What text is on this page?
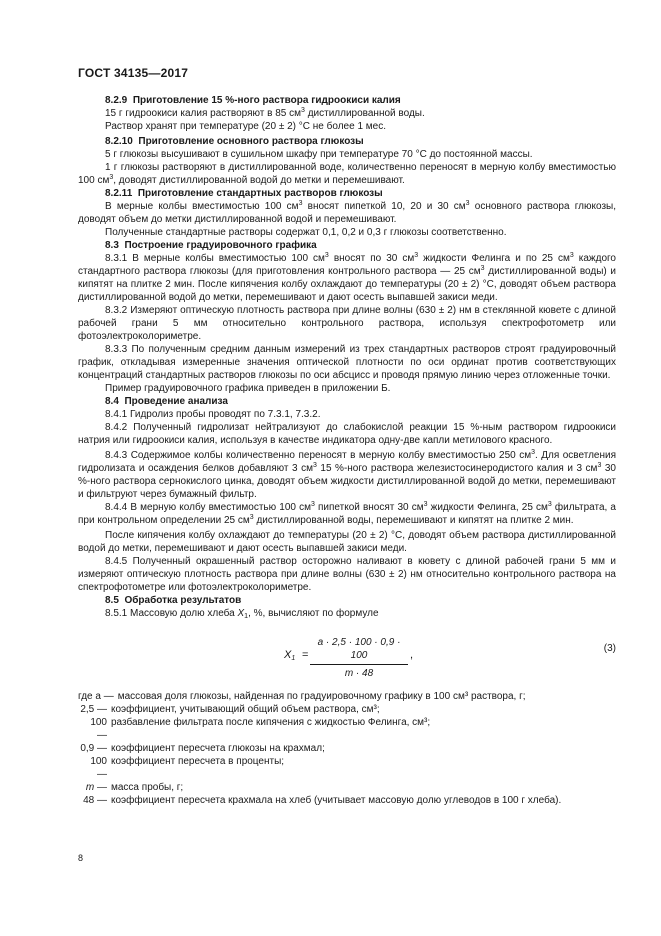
ГОСТ 34135—2017

8.2.9 Приготовление 15 %-ного раствора гидроокиси калия

15 г гидроокиси калия растворяют в 85 $см^3$ дистиллированной воды.

Раствор хранят при температуре (20 ± 2) °С не более 1 мес.

8.2.10 Приготовление основного раствора глюкозы

5 г глюкозы высушивают в сушильном шкафу при температуре 70 °С до постоянной массы.

1 г глюкозы растворяют в дистиллированной воде, количественно переносят в мерную колбу вместимостью 100 $см^3$, доводят дистиллированной водой до метки и перемешивают.

8.2.11 Приготовление стандартных растворов глюкозы

В мерные колбы вместимостью 100 $см^3$ вносят пипеткой 10, 20 и 30 $см^3$ основного раствора глюкозы, доводят объем до метки дистиллированной водой и перемешивают.

Полученные стандартные растворы содержат 0,1, 0,2 и 0,3 г глюкозы соответственно.

8.3 Построение градуировочного графика

8.3.1 В мерные колбы вместимостью 100 $см^3$ вносят по 30 $см^3$ жидкости Фелинга и по 25 $см^3$ каждого стандартного раствора глюкозы (для приготовления контрольного раствора — 25 $см^3$ дистиллированной воды) и кипятят на плитке 2 мин. После кипячения колбу охлаждают до температуры (20 ± 2) °С, доводят объем раствора дистиллированной водой до метки, перемешивают и дают осесть выпавшей закиси меди.

8.3.2 Измеряют оптическую плотность раствора при длине волны (630 ± 2) нм в стеклянной кювете с длиной рабочей грани 5 мм относительно контрольного раствора, используя спектрофотометр или фотоэлектроколориметре.

8.3.3 По полученным средним данным измерений из трех стандартных растворов строят градуировочный график, откладывая измеренные значения оптической плотности по оси ординат против соответствующих концентраций стандартных растворов глюкозы по оси абсцисс и проводя прямую линию через отложенные точки.

Пример градуировочного графика приведен в приложении Б.

8.4 Проведение анализа

8.4.1 Гидролиз пробы проводят по 7.3.1, 7.3.2.

8.4.2 Полученный гидролизат нейтрализуют до слабокислой реакции 15 %-ным раствором гидроокиси натрия или гидроокиси калия, используя в качестве индикатора одну-две капли метилового красного.

8.4.3 Содержимое колбы количественно переносят в мерную колбу вместимостью 250 $см^3$. Для осветления гидролизата и осаждения белков добавляют 3 $см^3$ 15 %-ного раствора железистосинеродистого калия и 3 $см^3$ 30 %-ного раствора сернокислого цинка, доводят объем жидкости дистиллированной водой до метки, перемешивают и фильтруют через бумажный фильтр.

8.4.4 В мерную колбу вместимостью 100 $см^3$ пипеткой вносят 30 $см^3$ жидкости Фелинга, 25 $см^3$ фильтрата, а при контрольном определении 25 $см^3$ дистиллированной воды, перемешивают и кипятят на плитке 2 мин.

После кипячения колбу охлаждают до температуры (20 ± 2) °С, доводят объем раствора дистиллированной водой до метки, перемешивают и дают осесть выпавшей закиси меди.

8.4.5 Полученный окрашенный раствор осторожно наливают в кювету с длиной рабочей грани 5 мм и измеряют оптическую плотность раствора при длине волны (630 ± 2) нм относительно контрольного раствора на спектрофотометре или фотоэлектроколориметре.

8.5 Обработка результатов

8.5.1 Массовую долю хлеба $X_1$, %, вычисляют по формуле

$X_1 = \frac{a \cdot 2,5 \cdot 100 \cdot 0,9 \cdot 100}{m \cdot 48}$ ,
(3)
где a — массовая доля глюкозы, найденная по градуировочному графику в 100 см³ раствора, г;
2,5 — коэффициент, учитывающий общий объем раствора, см³;
100 —
разбавление фильтрата после кипячения с жидкостью Фелинга, см³;
0,9 — коэффициент пересчета глюкозы на крахмал;
100 —
коэффициент пересчета в проценты;
m — масса пробы, г;
48 — коэффициент пересчета крахмала на хлеб (учитывает массовую долю углеводов в 100 г хлеба).
8
